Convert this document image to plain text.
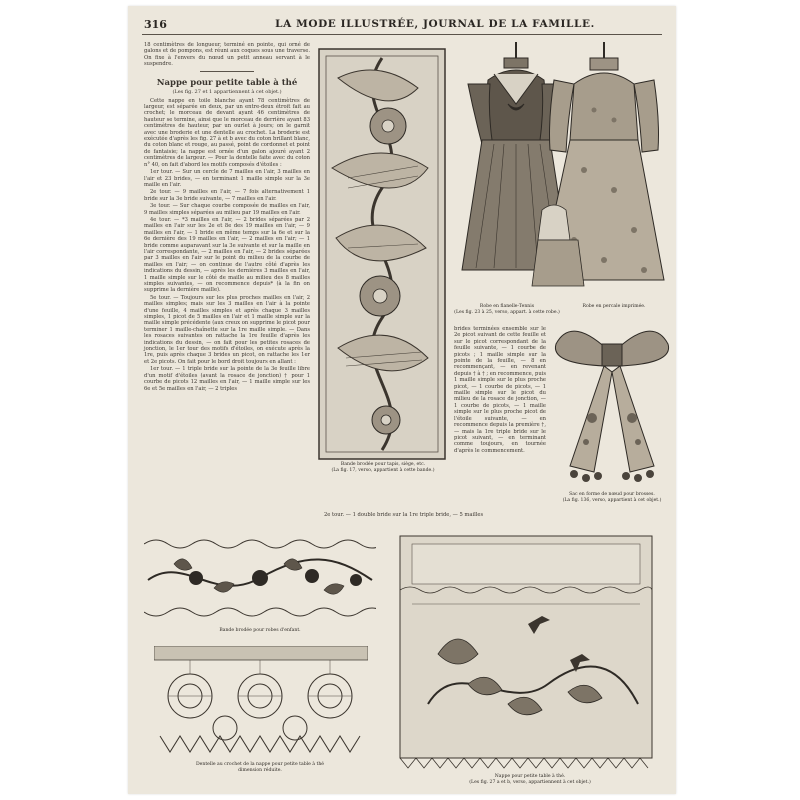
316	LA MODE ILLUSTRÉE, JOURNAL DE LA FAMILLE.

18 centimètres de longueur, terminé en pointe, qui orné de galons et de pompons, est réuni aux coques sous une traverse. On fixe à l'envers du nœud un petit anneau servant à le suspendre.

Nappe pour petite table à thé
(Les fig. 27 et 1 appartiennent à cet objet.)

Cette nappe en toile blanche ayant 78 centimètres de largeur, est séparée en deux, par un entre-deux étroit fait au crochet; le morceau de devant ayant 46 centimètres de hauteur se termine, ainsi que le morceau de derrière ayant 83 centimètres de hauteur, par un ourlet à jours; on le garnit avec une broderie et une dentelle au crochet. La broderie est exécutée d'après les fig. 27 à et b avec du coton brillant blanc, du coton blanc et rouge, au passé, point de cordonnet et point de fantaisie; la nappe est ornée d'un galon ajouré ayant 2 centimètres de largeur. — Pour la dentelle faite avec du coton n° 40, on fait d'abord les motifs composés d'étoiles :

1er tour. — Sur un cercle de 7 mailles en l'air, 3 mailles en l'air et 23 brides, — en terminant 1 maille simple sur la 3e maille en l'air.

2e tour. — 9 mailles en l'air, — 7 fois alternativement 1 bride sur la 3e bride suivante, — 7 mailles en l'air.

3e tour. — Sur chaque courbe composée de mailles en l'air, 9 mailles simples séparées au milieu par 19 mailles en l'air.

4e tour. — *3 mailles en l'air, — 2 brides séparées par 2 mailles en l'air sur les 2e et 8e des 19 mailles en l'air, — 9 mailles en l'air, — 1 bride en même temps sur la 6e et sur la 6e dernière des 19 mailles en l'air, — 2 mailles en l'air; — 1 bride comme auparavant sur la 3e suivante et sur la maille en l'air correspondante, — 2 mailles en l'air, — 2 brides séparées par 3 mailles en l'air sur le point du milieu de la courbe de mailles en l'air; — on continue de l'autre côté d'après les indications du dessin, — après les dernières 3 mailles en l'air, 1 maille simple sur le côté de maille au milieu des 8 mailles simples suivantes, — on recommence depuis* (à la fin on supprime la dernière maille).

5e tour. — Toujours sur les plus proches mailles en l'air, 2 mailles simples; mais sur les 3 mailles en l'air à la pointe d'une feuille, 4 mailles simples et après chaque 3 mailles simples, 1 picot de 5 mailles en l'air et 1 maille simple sur la maille simple précédente (aux creux on supprime le picot pour terminer 1 maille-chaînette sur la 1re maille simple. — Dans les rosaces suivantes on rattache la 1re feuille d'après les indications du dessin, — on fait pour les petites rosaces de jonction, le 1er tour des motifs d'étoiles, on exécute après la 1re, puis après chaque 3 brides un picot, on rattache les 1er et 2e picots. On fait pour le bord droit toujours en allant :

1er tour. — 1 triple bride sur la pointe de la 3e feuille libre d'un motif d'étoiles (avant la rosace de jonction) † pour 1 courbe de picots 12 mailles en l'air, — 1 maille simple sur les 6e et 5e mailles en l'air, — 2 triples

Bande brodée pour tapis, siège, etc.
(La fig. 17, verso, appartient à cette bande.)
Robe en flanelle-Tennis
(Les fig. 23 à 25, verso, appart. à cette robe.)
Robe en percale imprimée.

brides terminées ensemble sur le 2e picot suivant de cette feuille et sur le picot correspondant de la feuille suivante, — 1 courbe de picots ; 1 maille simple sur la pointe de la feuille, — 8 en recommençant, — en revenant depuis † à † ; en recommence, puis 1 maille simple sur le plus proche picot, — 1 courbe de picots, — 1 maille simple sur le picot du milieu de la rosace de jonction, — 1 courbe de picots, — 1 maille simple sur le plus proche picot de l'étoile suivante, — en recommence depuis la première †, — mais la 1re triple bride sur le picot suivant, — en terminant comme toujours, en tournée d'après le commencement.

2e tour. — 1 double bride sur la 1re triple bride, — 5 mailles

Sac en forme de nœud pour brosses.
(La fig. 136, verso, appartient à cet objet.)
Bande brodée pour robes d'enfant.
Dentelle au crochet de la nappe pour petite table à thé
dimension réduite.
Nappe pour petite table à thé.
(Les fig. 27 a et b, verso, appartiennent à cet objet.)
